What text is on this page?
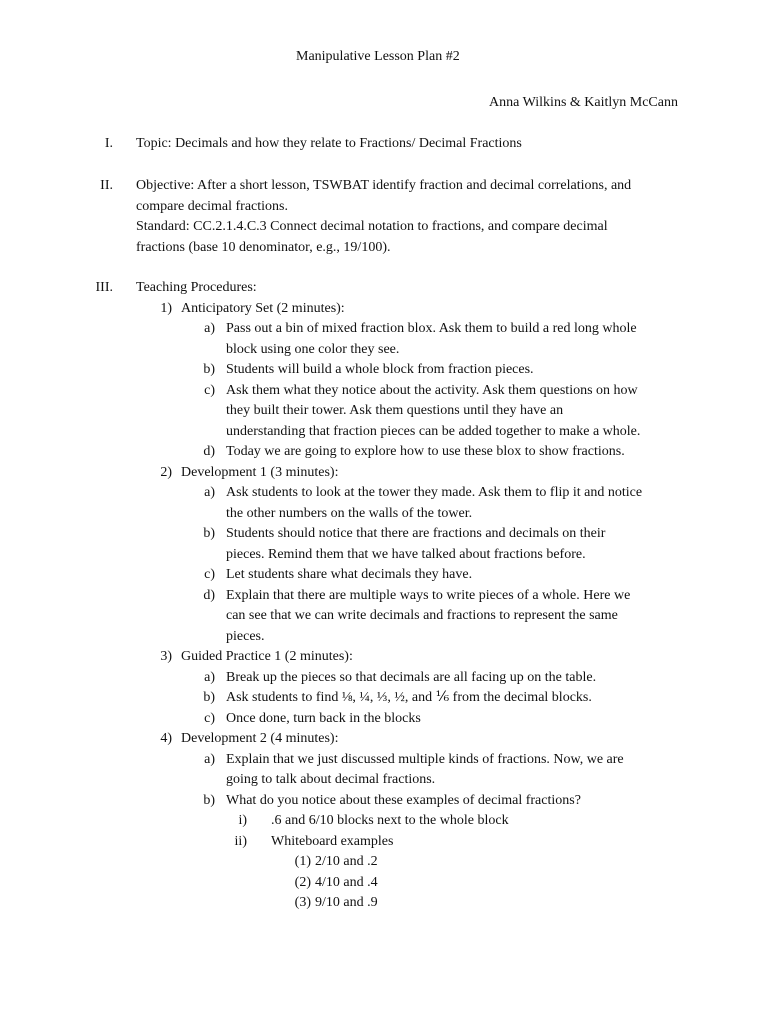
Manipulative Lesson Plan #2
Anna Wilkins & Kaitlyn McCann
I. Topic: Decimals and how they relate to Fractions/ Decimal Fractions
II. Objective: After a short lesson, TSWBAT identify fraction and decimal correlations, and
compare decimal fractions.
Standard: CC.2.1.4.C.3 Connect decimal notation to fractions, and compare decimal
fractions (base 10 denominator, e.g., 19/100).
III. Teaching Procedures:
1) Anticipatory Set (2 minutes):
a) Pass out a bin of mixed fraction blox. Ask them to build a red long whole
block using one color they see.
b) Students will build a whole block from fraction pieces.
c) Ask them what they notice about the activity. Ask them questions on how
they built their tower. Ask them questions until they have an
understanding that fraction pieces can be added together to make a whole.
d) Today we are going to explore how to use these blox to show fractions.
2) Development 1 (3 minutes):
a) Ask students to look at the tower they made. Ask them to flip it and notice
the other numbers on the walls of the tower.
b) Students should notice that there are fractions and decimals on their
pieces. Remind them that we have talked about fractions before.
c) Let students share what decimals they have.
d) Explain that there are multiple ways to write pieces of a whole. Here we
can see that we can write decimals and fractions to represent the same
pieces.
3) Guided Practice 1 (2 minutes):
a) Break up the pieces so that decimals are all facing up on the table.
b) Ask students to find ⅛, ¼, ⅓, ½, and ⅙ from the decimal blocks.
c) Once done, turn back in the blocks
4) Development 2 (4 minutes):
a) Explain that we just discussed multiple kinds of fractions. Now, we are
going to talk about decimal fractions.
b) What do you notice about these examples of decimal fractions?
i) .6 and 6/10 blocks next to the whole block
ii) Whiteboard examples
(1) 2/10 and .2
(2) 4/10 and .4
(3) 9/10 and .9
